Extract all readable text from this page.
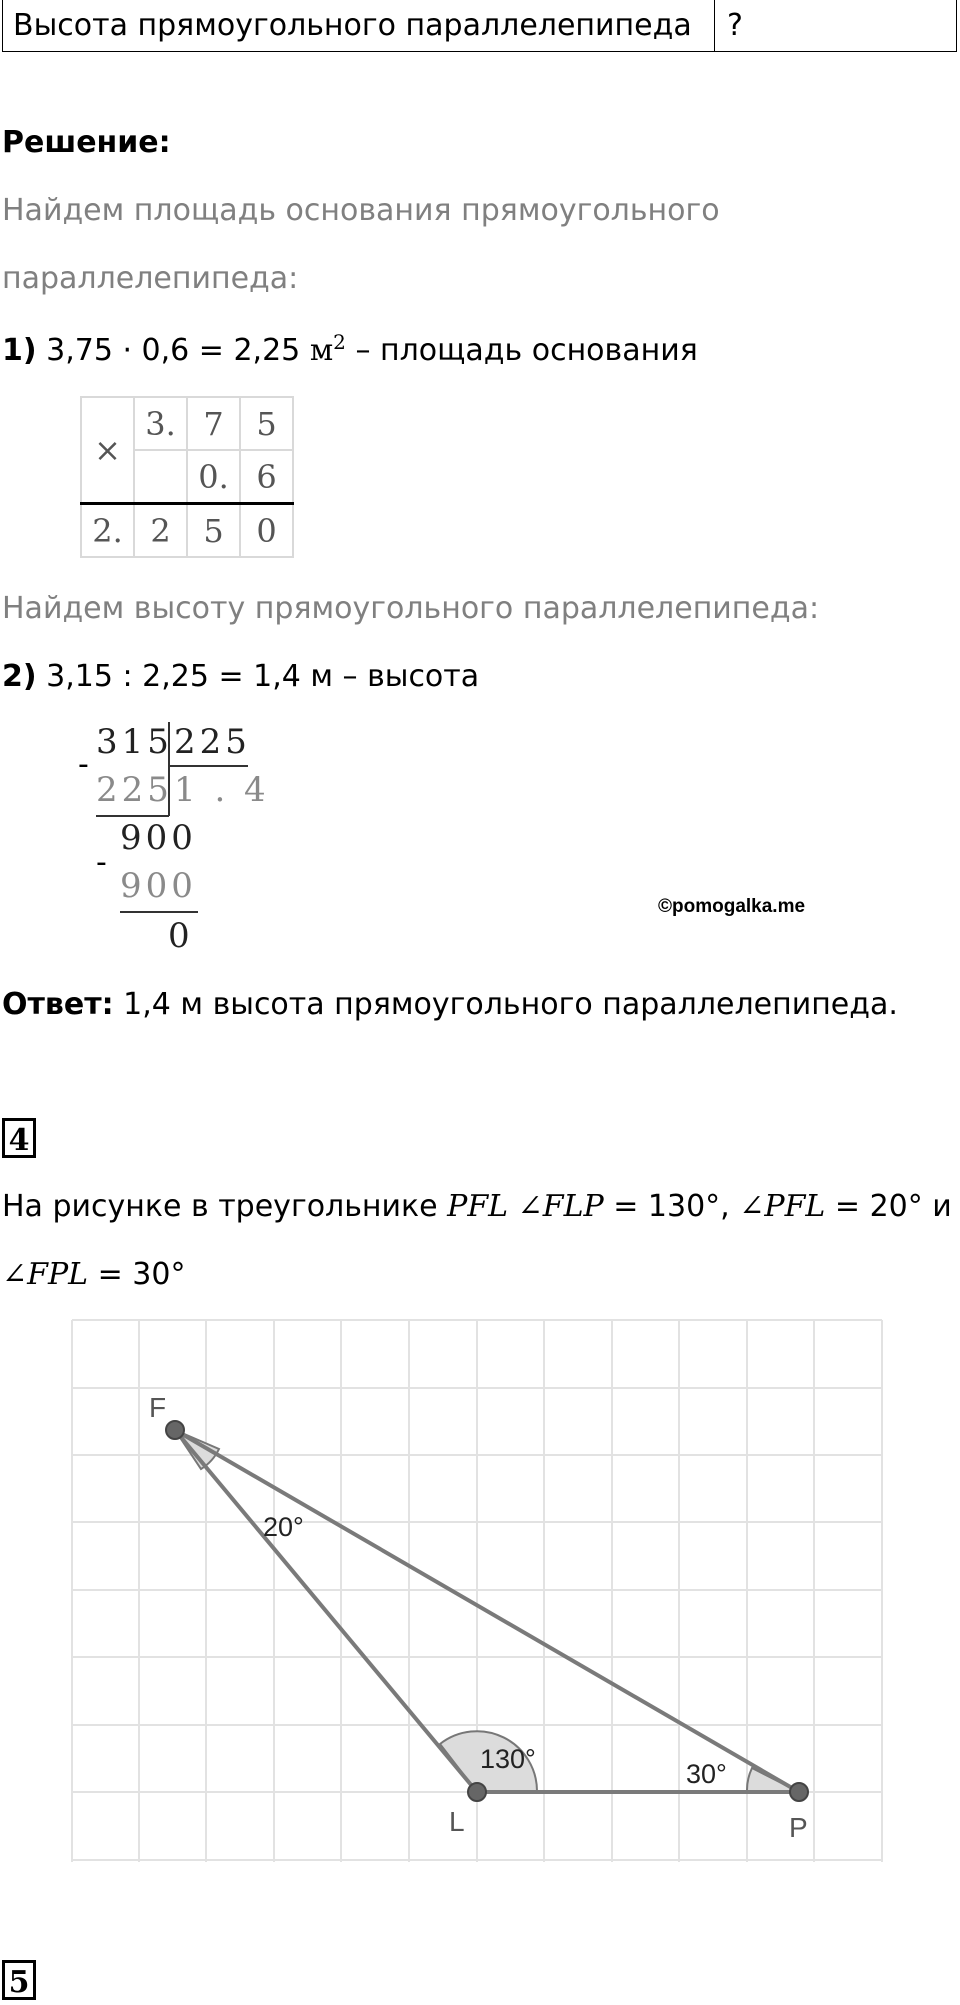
Высота прямоугольного параллелепипеда	?
Решение:
Найдем площадь основания прямоугольного
параллелепипеда:
1) 3,75 · 0,6 = 2,25 $м^2$ – площадь основания
×	3.	7	5
		0.	6
2.	2	5	0
Найдем высоту прямоугольного параллелепипеда:
2) 3,15 : 2,25 = 1,4 м – высота
315 225
-
225 1 . 4
900
-
900
0
©pomogalka.me
Ответ: 1,4 м высота прямоугольного параллелепипеда.
4
На рисунке в треугольнике PFL ∠FLP = 130°, ∠PFL = 20° и
∠FPL = 30°
F
L	P
20°
130°	30°
5
